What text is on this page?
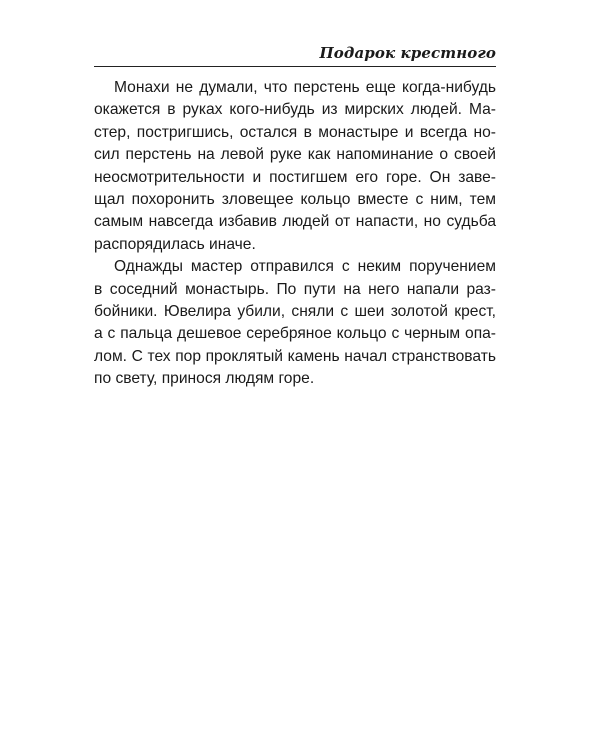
Подарок крестного
Монахи не думали, что перстень еще когда-нибудь
окажется в руках кого-нибудь из мирских людей. Ма-
стер, постригшись, остался в монастыре и всегда но-
сил перстень на левой руке как напоминание о своей
неосмотрительности и постигшем его горе. Он заве-
щал похоронить зловещее кольцо вместе с ним, тем
самым навсегда избавив людей от напасти, но судьба
распорядилась иначе.
Однажды мастер отправился с неким поручением
в соседний монастырь. По пути на него напали раз-
бойники. Ювелира убили, сняли с шеи золотой крест,
а с пальца дешевое серебряное кольцо с черным опа-
лом. С тех пор проклятый камень начал странствовать
по свету, принося людям горе.
